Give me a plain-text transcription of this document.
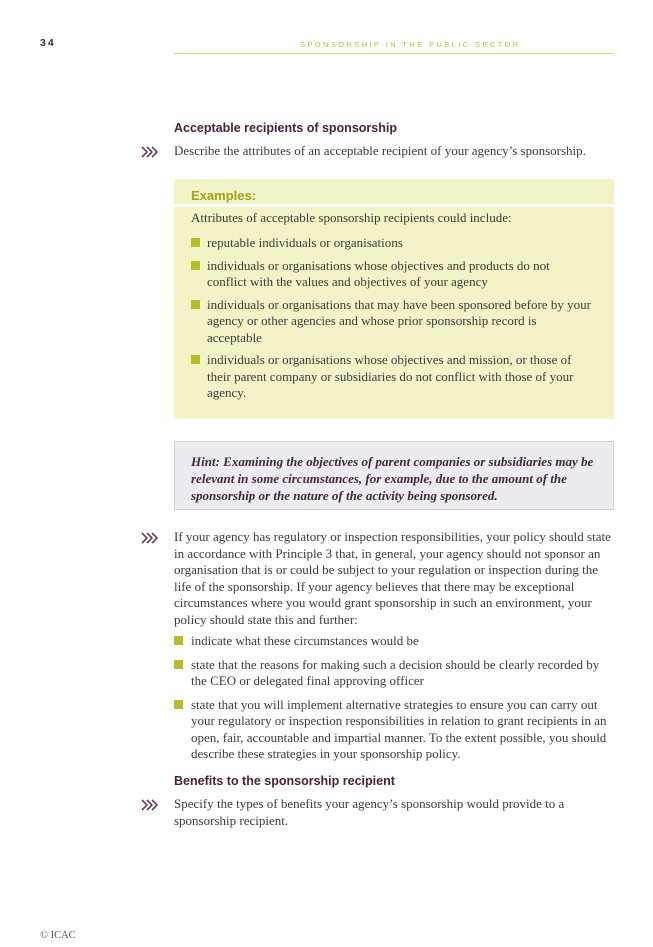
34	SPONSORSHIP IN THE PUBLIC SECTOR
Acceptable recipients of sponsorship
Describe the attributes of an acceptable recipient of your agency’s sponsorship.
Examples:
Attributes of acceptable sponsorship recipients could include:
reputable individuals or organisations
individuals or organisations whose objectives and products do not conflict with the values and objectives of your agency
individuals or organisations that may have been sponsored before by your agency or other agencies and whose prior sponsorship record is acceptable
individuals or organisations whose objectives and mission, or those of their parent company or subsidiaries do not conflict with those of your agency.
Hint: Examining the objectives of parent companies or subsidiaries may be relevant in some circumstances, for example, due to the amount of the sponsorship or the nature of the activity being sponsored.
If your agency has regulatory or inspection responsibilities, your policy should state in accordance with Principle 3 that, in general, your agency should not sponsor an organisation that is or could be subject to your regulation or inspection during the life of the sponsorship. If your agency believes that there may be exceptional circumstances where you would grant sponsorship in such an environment, your policy should state this and further:
indicate what these circumstances would be
state that the reasons for making such a decision should be clearly recorded by the CEO or delegated final approving officer
state that you will implement alternative strategies to ensure you can carry out your regulatory or inspection responsibilities in relation to grant recipients in an open, fair, accountable and impartial manner. To the extent possible, you should describe these strategies in your sponsorship policy.
Benefits to the sponsorship recipient
Specify the types of benefits your agency’s sponsorship would provide to a sponsorship recipient.
© ICAC
